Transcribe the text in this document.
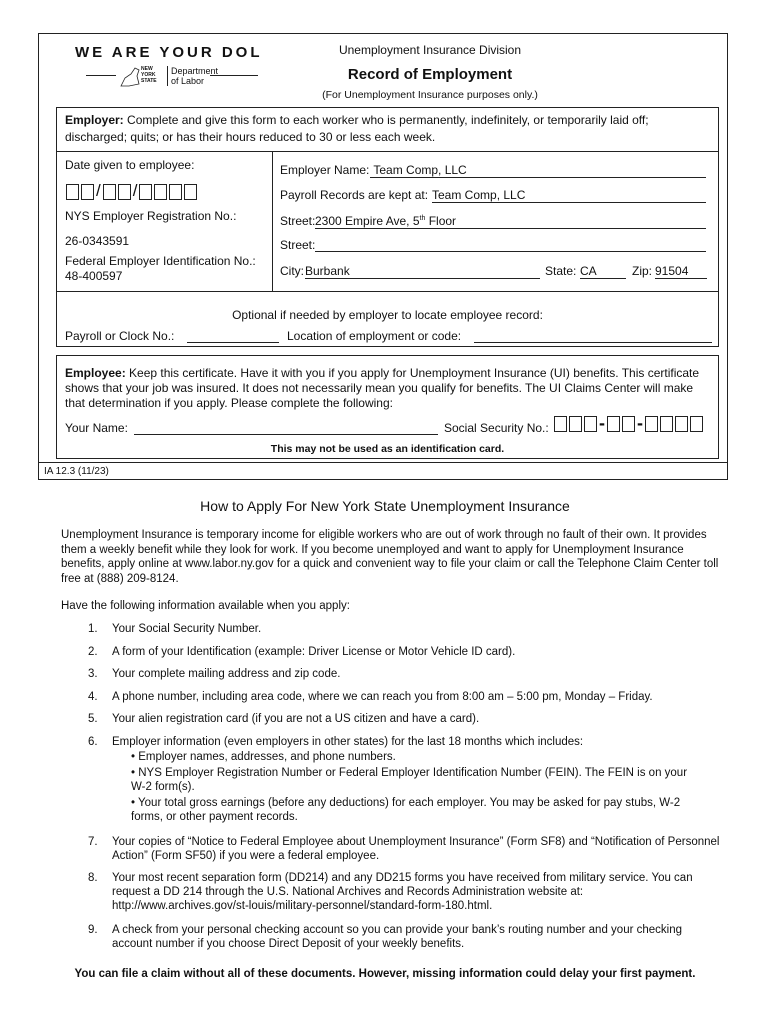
WE ARE YOUR DOL
NEW
YORK
STATE
Department
of Labor
Unemployment Insurance Division
Record of Employment
(For Unemployment Insurance purposes only.)
Employer: Complete and give this form to each worker who is permanently, indefinitely, or temporarily laid off; discharged; quits; or has their hours reduced to 30 or less each week.
Date given to employee:
/ /
NYS Employer Registration No.:
26-0343591
Federal Employer Identification No.:
48-400597
Employer Name: Team Comp, LLC
Payroll Records are kept at: Team Comp, LLC
Street: 2300 Empire Ave, 5th Floor
Street:
City: Burbank	State: CA	Zip: 91504
Optional if needed by employer to locate employee record:
Payroll or Clock No.:	Location of employment or code:
Employee: Keep this certificate. Have it with you if you apply for Unemployment Insurance (UI) benefits. This certificate shows that your job was insured. It does not necessarily mean you qualify for benefits. The UI Claims Center will make that determination if you apply. Please complete the following:
Your Name:	Social Security No.:	- -
This may not be used as an identification card.
IA 12.3 (11/23)
How to Apply For New York State Unemployment Insurance
Unemployment Insurance is temporary income for eligible workers who are out of work through no fault of their own. It provides them a weekly benefit while they look for work. If you become unemployed and want to apply for Unemployment Insurance benefits, apply online at www.labor.ny.gov for a quick and convenient way to file your claim or call the Telephone Claim Center toll free at (888) 209-8124.
Have the following information available when you apply:
1.	Your Social Security Number.
2.	A form of your Identification (example: Driver License or Motor Vehicle ID card).
3.	Your complete mailing address and zip code.
4.	A phone number, including area code, where we can reach you from 8:00 am – 5:00 pm, Monday – Friday.
5.	Your alien registration card (if you are not a US citizen and have a card).
6.	Employer information (even employers in other states) for the last 18 months which includes:
• Employer names, addresses, and phone numbers.
• NYS Employer Registration Number or Federal Employer Identification Number (FEIN). The FEIN is on your W-2 form(s).
• Your total gross earnings (before any deductions) for each employer. You may be asked for pay stubs, W-2 forms, or other payment records.
7.	Your copies of “Notice to Federal Employee about Unemployment Insurance” (Form SF8) and “Notification of Personnel Action” (Form SF50) if you were a federal employee.
8.	Your most recent separation form (DD214) and any DD215 forms you have received from military service. You can request a DD 214 through the U.S. National Archives and Records Administration website at: http://www.archives.gov/st-louis/military-personnel/standard-form-180.html.
9.	A check from your personal checking account so you can provide your bank’s routing number and your checking account number if you choose Direct Deposit of your weekly benefits.
You can file a claim without all of these documents. However, missing information could delay your first payment.
